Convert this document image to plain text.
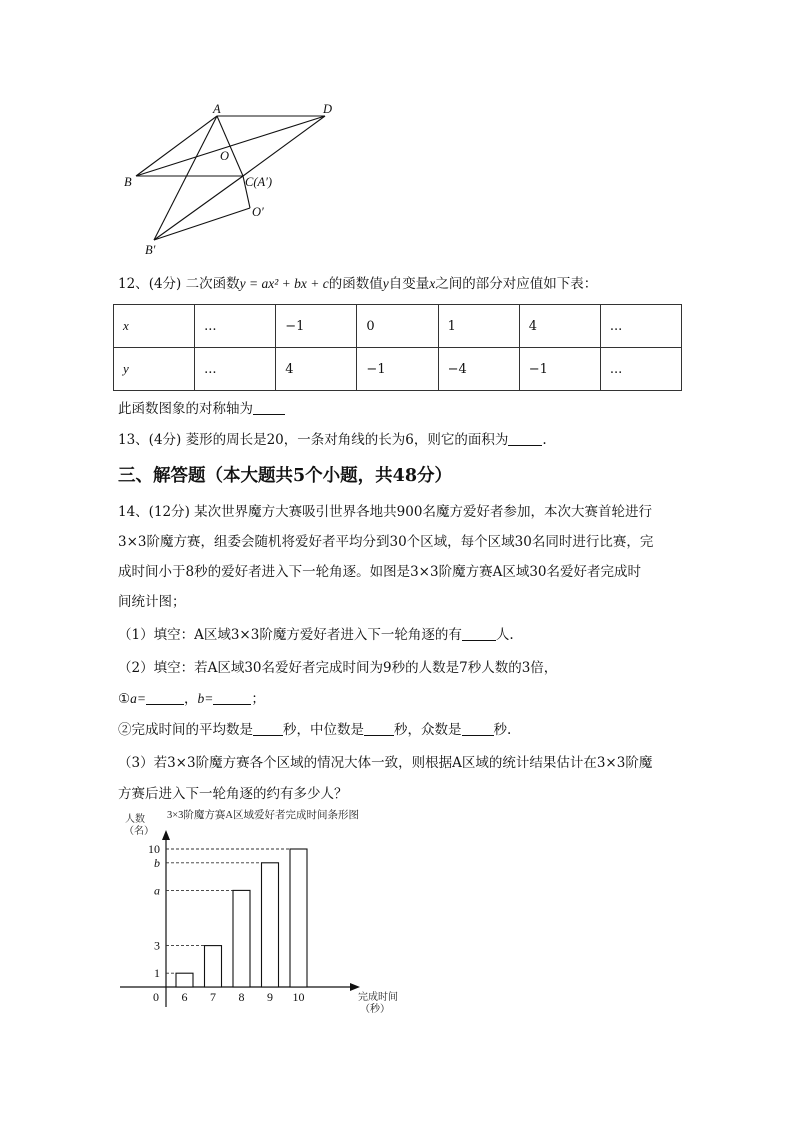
A	D
O
B	C(A′)
O′
B′
12、(4分) 二次函数y = ax² + bx + c的函数值y自变量x之间的部分对应值如下表：
x	...	−1	0	1	4	...
y	...	4	−1	−4	−1	...
此函数图象的对称轴为
13、(4分) 菱形的周长是20，一条对角线的长为6，则它的面积为	.
三、解答题（本大题共5个小题，共48分）
14、(12分) 某次世界魔方大赛吸引世界各地共900名魔方爱好者参加，本次大赛首轮进行
3×3阶魔方赛，组委会随机将爱好者平均分到30个区域，每个区域30名同时进行比赛，完
成时间小于8秒的爱好者进入下一轮角逐。如图是3×3阶魔方赛A区域30名爱好者完成时
间统计图；
（1）填空：A区域3×3阶魔方爱好者进入下一轮角逐的有	人.
（2）填空：若A区域30名爱好者完成时间为9秒的人数是7秒人数的3倍，
①a=	，b=	；
②完成时间的平均数是 秒，中位数是 秒，众数是 秒.
（3）若3×3阶魔方赛各个区域的情况大体一致，则根据A区域的统计结果估计在3×3阶魔
方赛后进入下一轮角逐的约有多少人？
3×3阶魔方赛A区域爱好者完成时间条形图
人数
（名）
完成时间
（秒）
0
1
3
a
b
10
6 7 8 9 10
